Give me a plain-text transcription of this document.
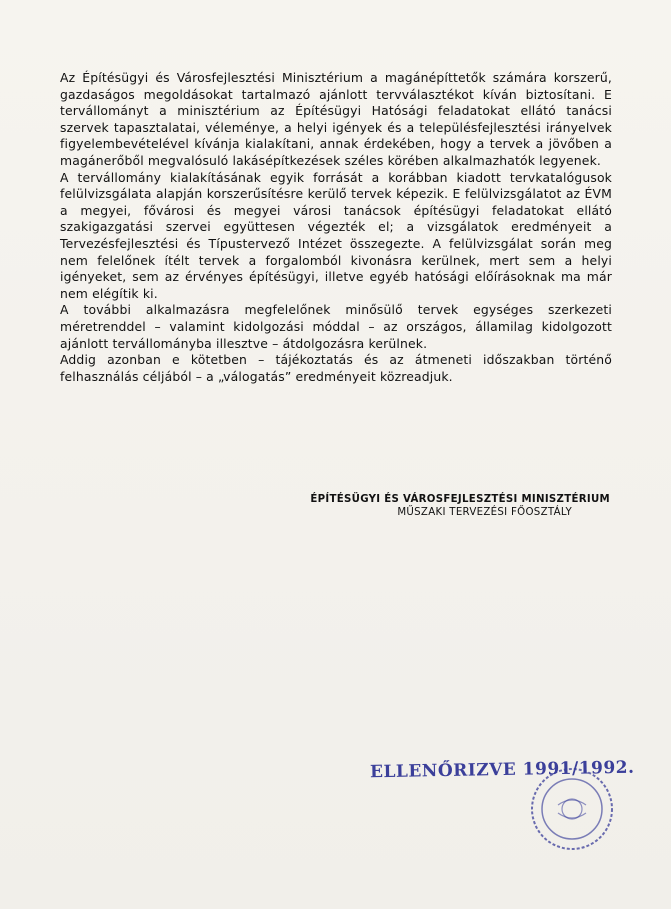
Az Építésügyi és Városfejlesztési Minisztérium a magánépíttetők számára korszerű, gazdaságos megoldásokat tartalmazó ajánlott tervválasztékot kíván biztosítani. E tervállományt a minisztérium az Építésügyi Hatósági feladatokat ellátó tanácsi szervek tapasztalatai, véleménye, a helyi igények és a településfejlesztési irányelvek figyelembevételével kívánja kialakítani, annak érdekében, hogy a tervek a jövőben a magánerőből megvalósuló lakásépítkezések széles körében alkalmazhatók legyenek.

A tervállomány kialakításának egyik forrását a korábban kiadott tervkatalógusok felülvizsgálata alapján korszerűsítésre kerülő tervek képezik. E felülvizsgálatot az ÉVM a megyei, fővárosi és megyei városi tanácsok építésügyi feladatokat ellátó szakigazgatási szervei együttesen végezték el; a vizsgálatok eredményeit a Tervezésfejlesztési és Típustervező Intézet összegezte. A felülvizsgálat során meg nem felelőnek ítélt tervek a forgalomból kivonásra kerülnek, mert sem a helyi igényeket, sem az érvényes építésügyi, illetve egyéb hatósági előírásoknak ma már nem elégítik ki.

A további alkalmazásra megfelelőnek minősülő tervek egységes szerkezeti méretrenddel – valamint kidolgozási móddal – az országos, államilag kidolgozott ajánlott tervállományba illesztve – átdolgozásra kerülnek.

Addig azonban e kötetben – tájékoztatás és az átmeneti időszakban történő felhasználás céljából – a „válogatás” eredményeit közreadjuk.

ÉPÍTÉSÜGYI ÉS VÁROSFEJLESZTÉSI MINISZTÉRIUM
MŰSZAKI TERVEZÉSI FŐOSZTÁLY
ELLENŐRIZVE 1991/1992.
